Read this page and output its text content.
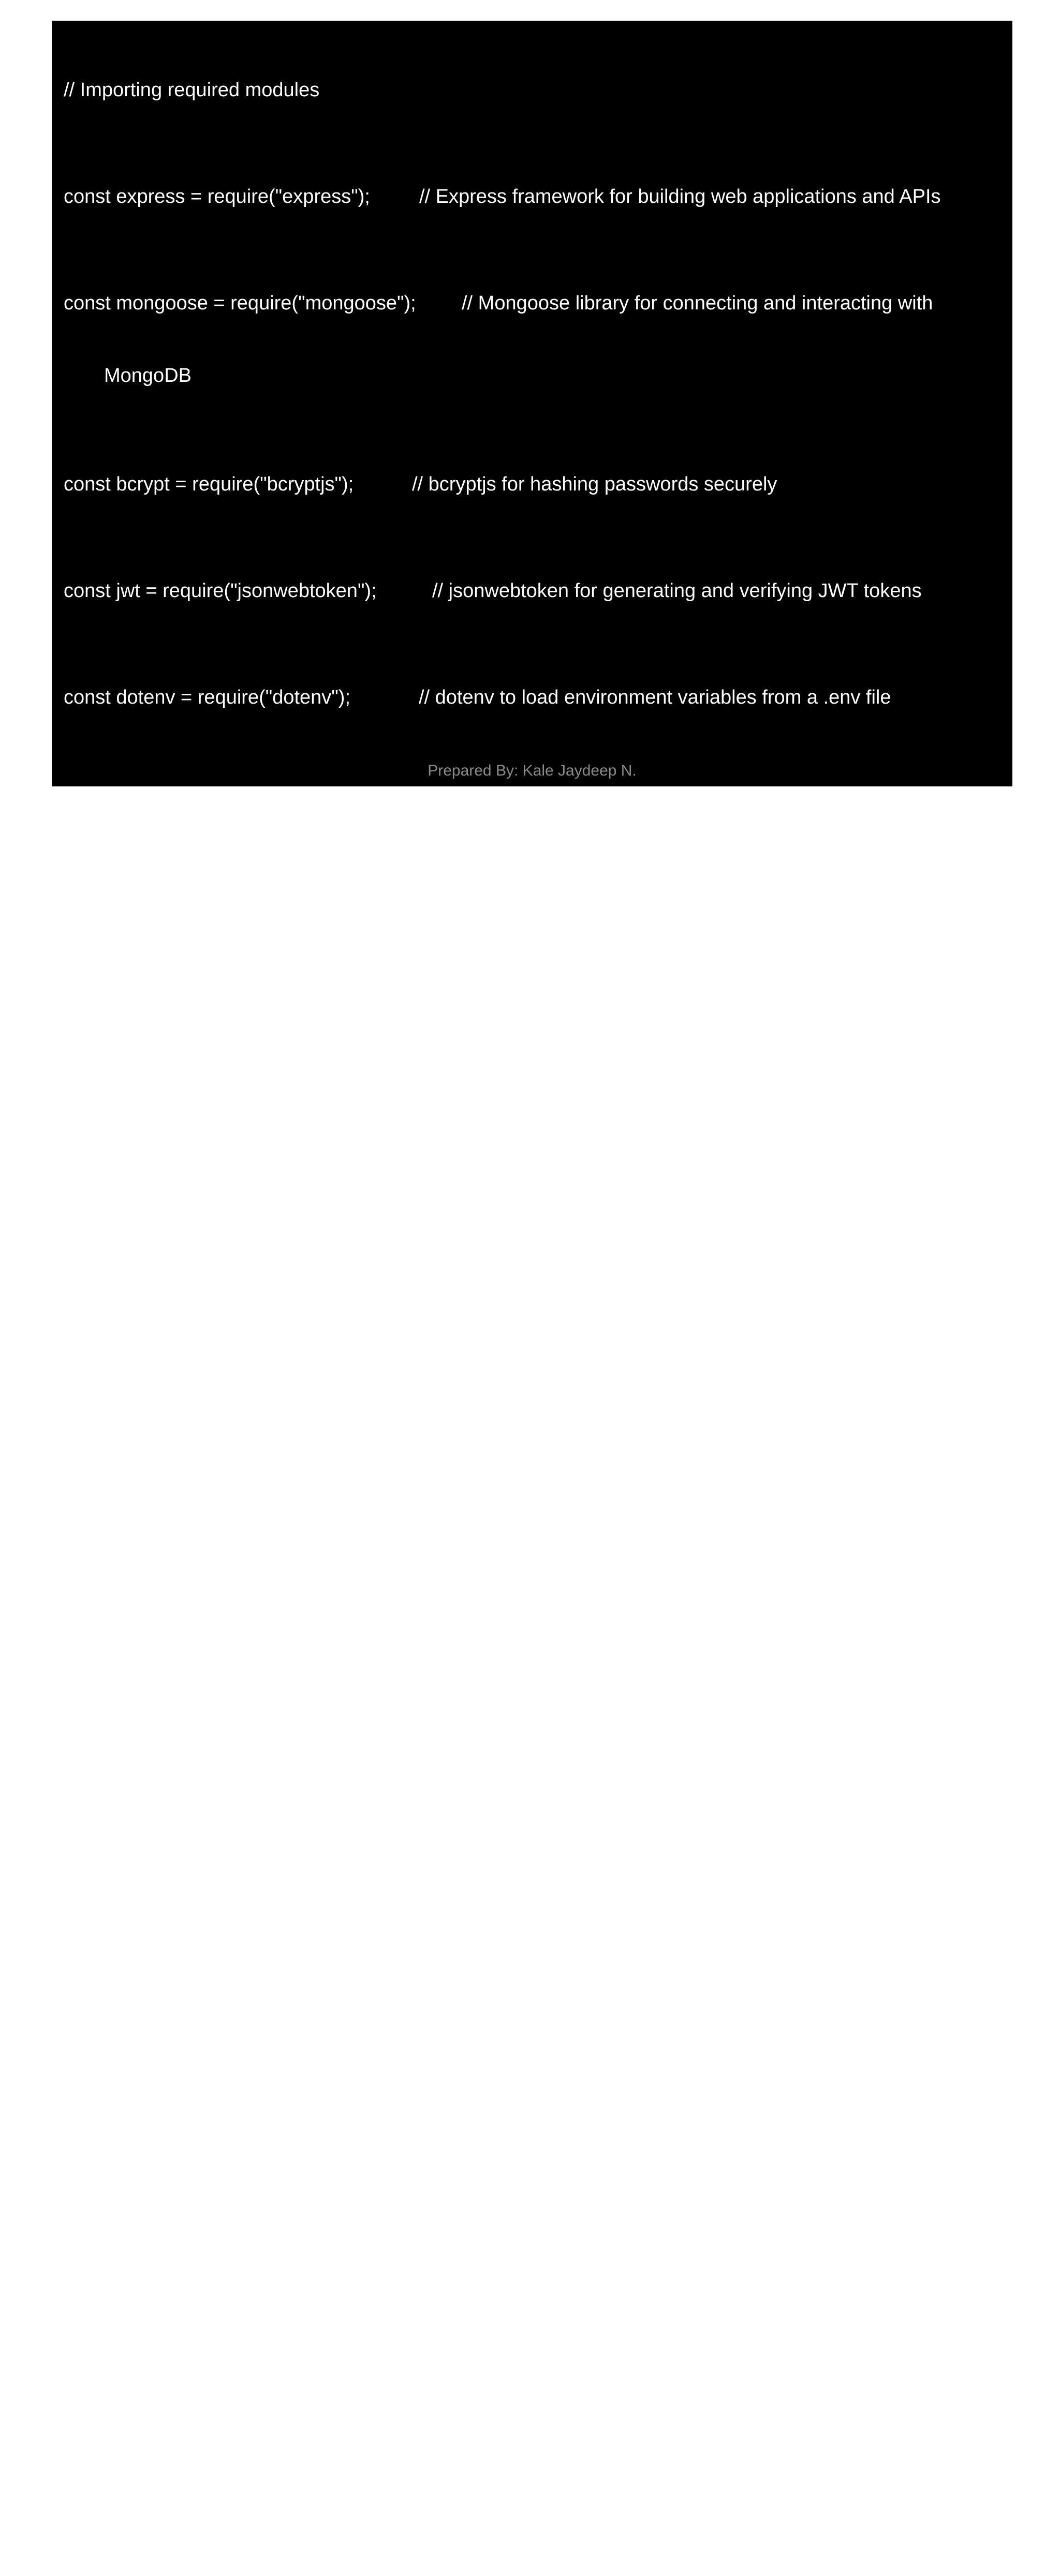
// Importing required modules

const express = require("express");	// Express framework for building web applications and APIs

const mongoose = require("mongoose"); // Mongoose library for connecting and interacting with

MongoDB

const bcrypt = require("bcryptjs");	// bcryptjs for hashing passwords securely

const jwt = require("jsonwebtoken");	// jsonwebtoken for generating and verifying JWT tokens

const dotenv = require("dotenv");	// dotenv to load environment variables from a .env file

// Load environment variables (like DB URI, secret keys) from .env file into process.env

dotenv.config();

// Create an Express application instance

const app = express();

// Middleware to parse incoming JSON request bodies (e.g., from POST or PUT requests)

app.use(express.json());

// --------------------------

//  MongoDB Connection Section

// --------------------------

// Connect to MongoDB using Mongoose

// The connection string (MONGO_URI) is stored in the .env file for security

mongoose.connect(process.env.MONGO_URI)

.then(() => console.log("MongoDB Connected")) // On successful connection

.catch(err => console.log(err));	// On connection error, print the error message

Prepared By: Kale Jaydeep N.
